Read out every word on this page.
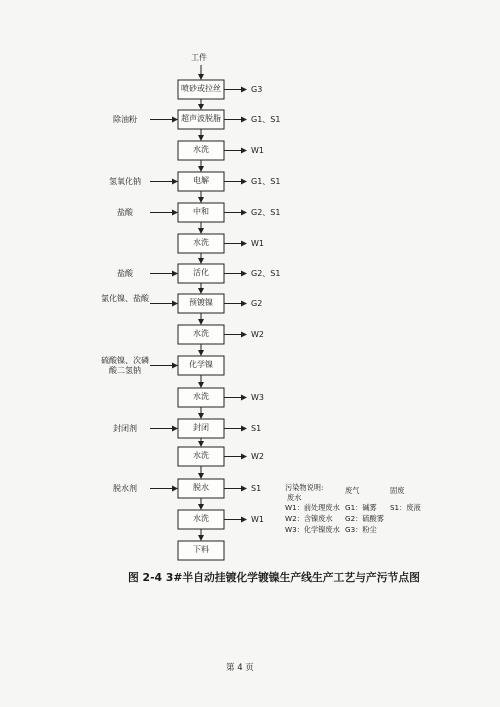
污染物说明:
废水
废气	固废
W1：前处理废水 G1：碱雾 S1：废液
W2：含镍废水 G2：硫酸雾
W3：化学镍废水 G3：粉尘
图 2-4 3#半自动挂镀化学镀镍生产线生产工艺与产污节点图
第 4 页
工件
喷砂或拉丝	G3
超声波脱脂	G1、S1
除油粉
水洗	W1
电解	G1、S1
氢氧化钠
中和	G2、S1
盐酸
水洗	W1
活化	G2、S1
盐酸
预镀镍	G2
氯化镍、盐酸
水洗	W2
化学镍
硫酸镍、次磷酸二氢钠
水洗	W3
封闭	S1
封闭剂
水洗	W2
脱水	S1
脱水剂
水洗	W1
下料
